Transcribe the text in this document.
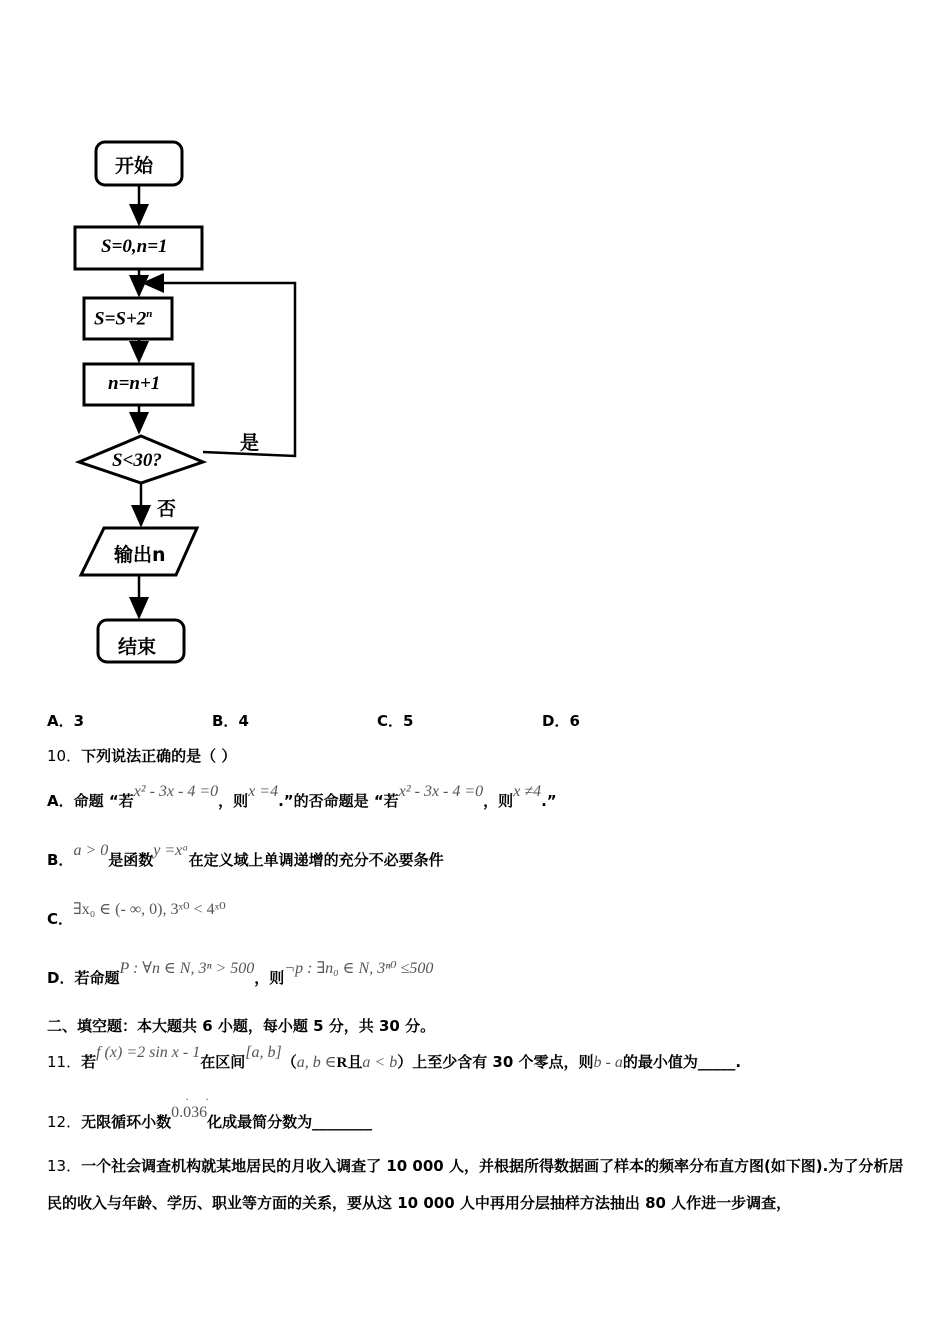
开始
S=0,n=1
$S=S+2^n$
n=n+1
S<30?
是
否
输出n
结束
A．3	B．4	C．5	D．6
10．下列说法正确的是（ ）
A．命题 “若x² - 3x - 4 =0，则x =4.”的否命题是 “若x² - 3x - 4 =0，则x ≠4.”
B．a > 0是函数y =xᵃ在定义域上单调递增的充分不必要条件
C．∃x₀ ∈ (- ∞, 0), 3ˣ⁰ < 4ˣ⁰
D．若命题P : ∀n ∈ N, 3ⁿ > 500，则¬p : ∃n₀ ∈ N, 3ⁿ⁰ ≤500
二、填空题：本大题共 6 小题，每小题 5 分，共 30 分。
11．若f (x) =2 sin x - 1在区间[a, b]（a, b ∈R且a < b）上至少含有 30 个零点，则b - a的最小值为_____.
12．无限循环小数0.036
··
化成最简分数为________
13．一个社会调查机构就某地居民的月收入调查了 10 000 人，并根据所得数据画了样本的频率分布直方图(如下图).为了分析居民的收入与年龄、学历、职业等方面的关系，要从这 10 000 人中再用分层抽样方法抽出 80 人作进一步调查，
